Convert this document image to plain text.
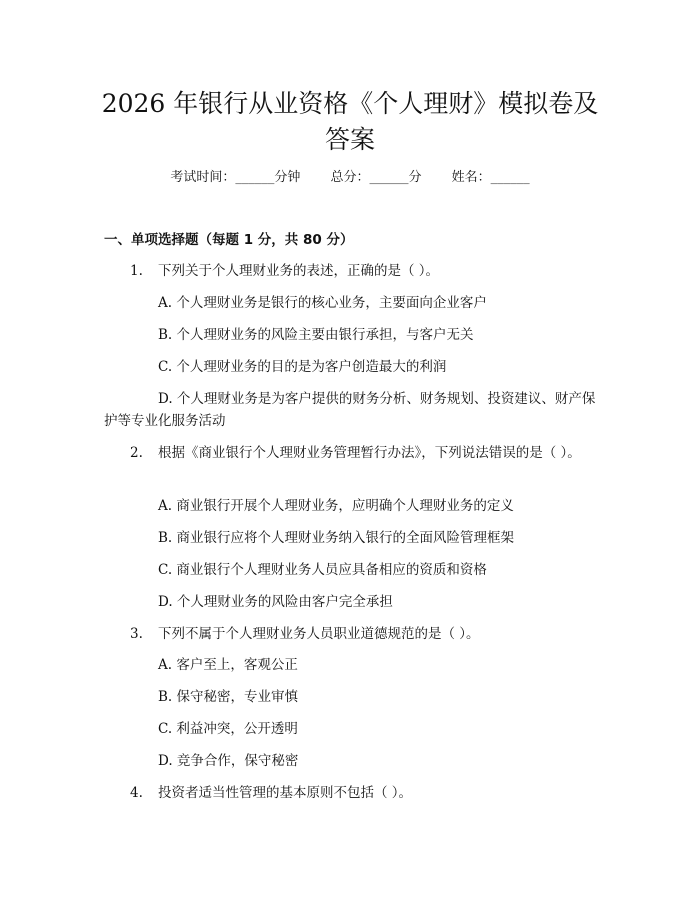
2026 年银行从业资格《个人理财》模拟卷及答案
考试时间：______分钟 总分：______分 姓名：______
一、单项选择题（每题 1 分，共 80 分）
1. 下列关于个人理财业务的表述，正确的是（ ）。
A. 个人理财业务是银行的核心业务，主要面向企业客户
B. 个人理财业务的风险主要由银行承担，与客户无关
C. 个人理财业务的目的是为客户创造最大的利润
D. 个人理财业务是为客户提供的财务分析、财务规划、投资建议、财产保护等专业化服务活动
2. 根据《商业银行个人理财业务管理暂行办法》，下列说法错误的是（ ）。
A. 商业银行开展个人理财业务，应明确个人理财业务的定义
B. 商业银行应将个人理财业务纳入银行的全面风险管理框架
C. 商业银行个人理财业务人员应具备相应的资质和资格
D. 个人理财业务的风险由客户完全承担
3. 下列不属于个人理财业务人员职业道德规范的是（ ）。
A. 客户至上，客观公正
B. 保守秘密，专业审慎
C. 利益冲突，公开透明
D. 竞争合作，保守秘密
4. 投资者适当性管理的基本原则不包括（ ）。
